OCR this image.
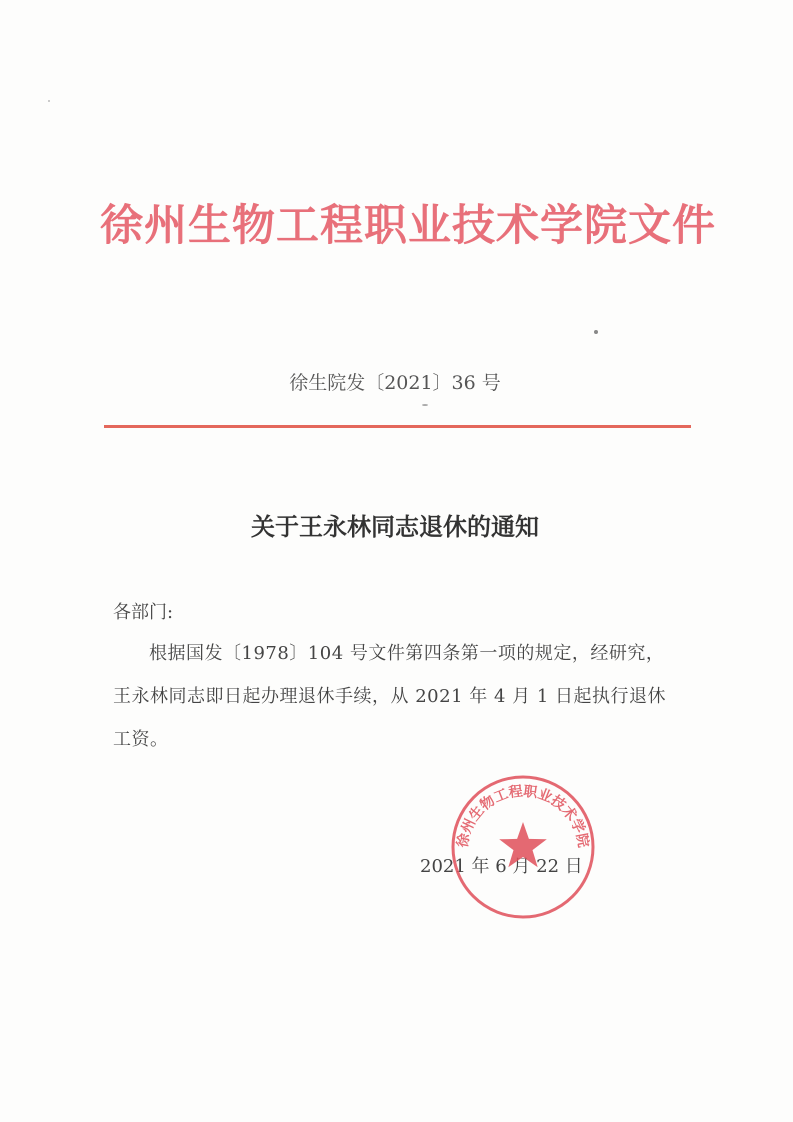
徐州生物工程职业技术学院文件
徐生院发〔2021〕36 号
关于王永林同志退休的通知
各部门:
根据国发〔1978〕104 号文件第四条第一项的规定，经研究，王永林同志即日起办理退休手续，从 2021 年 4 月 1 日起执行退休工资。
2021 年 6 月 22 日
徐州生物工程职业技术学院
